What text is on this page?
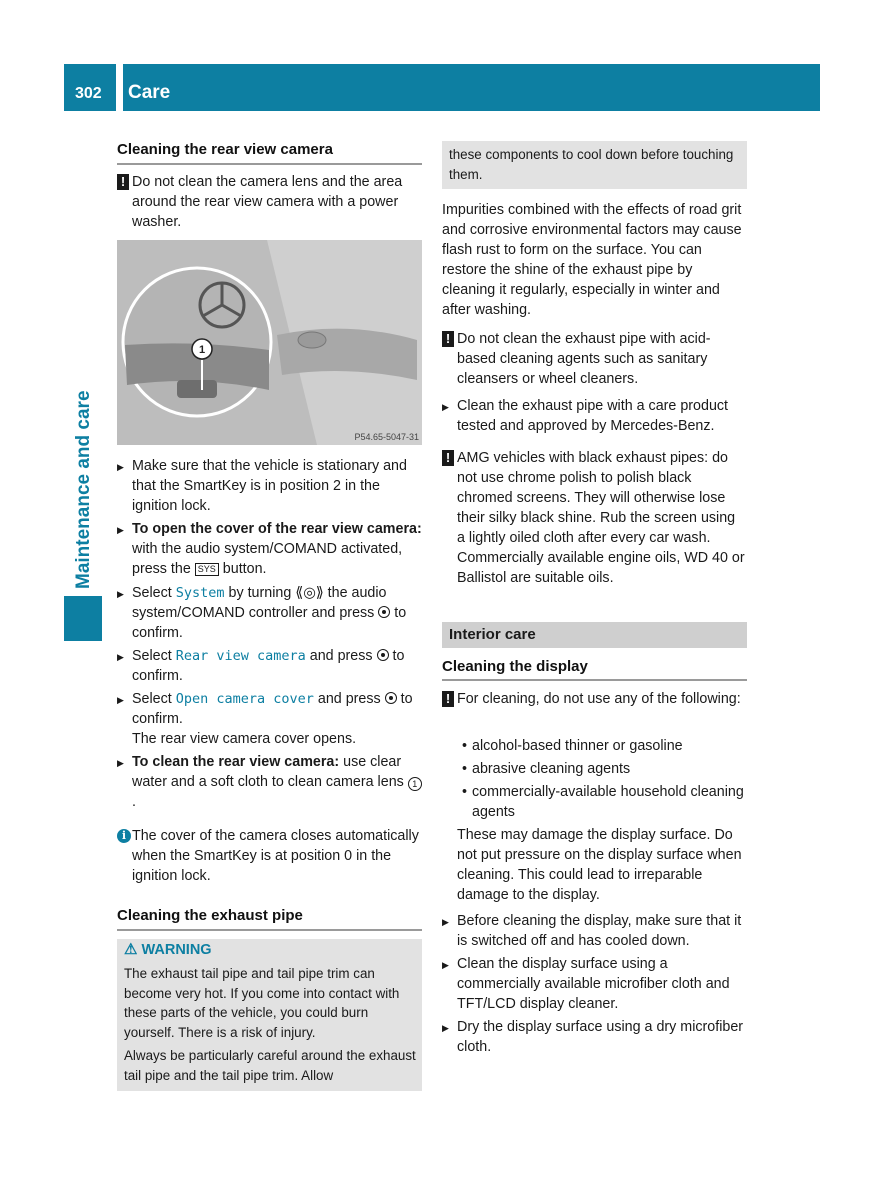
302 Care
Maintenance and care
Cleaning the rear view camera
! Do not clean the camera lens and the area around the rear view camera with a power washer.
1
P54.65-5047-31
▶ Make sure that the vehicle is stationary and that the SmartKey is in position 2 in the ignition lock.
▶ To open the cover of the rear view camera: with the audio system/COMAND activated, press the SYS button.
▶ Select System by turning ⟪◎⟫ the audio system/COMAND controller and press to confirm.
▶ Select Rear view camera and press to confirm.
▶ Select Open camera cover and press to confirm.
The rear view camera cover opens.
▶ To clean the rear view camera: use clear water and a soft cloth to clean camera lens 1.
i The cover of the camera closes automatically when the SmartKey is at position 0 in the ignition lock.
Cleaning the exhaust pipe
⚠ WARNING
The exhaust tail pipe and tail pipe trim can become very hot. If you come into contact with these parts of the vehicle, you could burn yourself. There is a risk of injury.
Always be particularly careful around the exhaust tail pipe and the tail pipe trim. Allow
these components to cool down before touching them.
Impurities combined with the effects of road grit and corrosive environmental factors may cause flash rust to form on the surface. You can restore the shine of the exhaust pipe by cleaning it regularly, especially in winter and after washing.
! Do not clean the exhaust pipe with acid-based cleaning agents such as sanitary cleansers or wheel cleaners.
▶ Clean the exhaust pipe with a care product tested and approved by Mercedes-Benz.
! AMG vehicles with black exhaust pipes: do not use chrome polish to polish black chromed screens. They will otherwise lose their silky black shine. Rub the screen using a lightly oiled cloth after every car wash. Commercially available engine oils, WD 40 or Ballistol are suitable oils.
Interior care
Cleaning the display
! For cleaning, do not use any of the following:
• alcohol-based thinner or gasoline
• abrasive cleaning agents
• commercially-available household cleaning agents
These may damage the display surface. Do not put pressure on the display surface when cleaning. This could lead to irreparable damage to the display.
▶ Before cleaning the display, make sure that it is switched off and has cooled down.
▶ Clean the display surface using a commercially available microfiber cloth and TFT/LCD display cleaner.
▶ Dry the display surface using a dry microfiber cloth.
